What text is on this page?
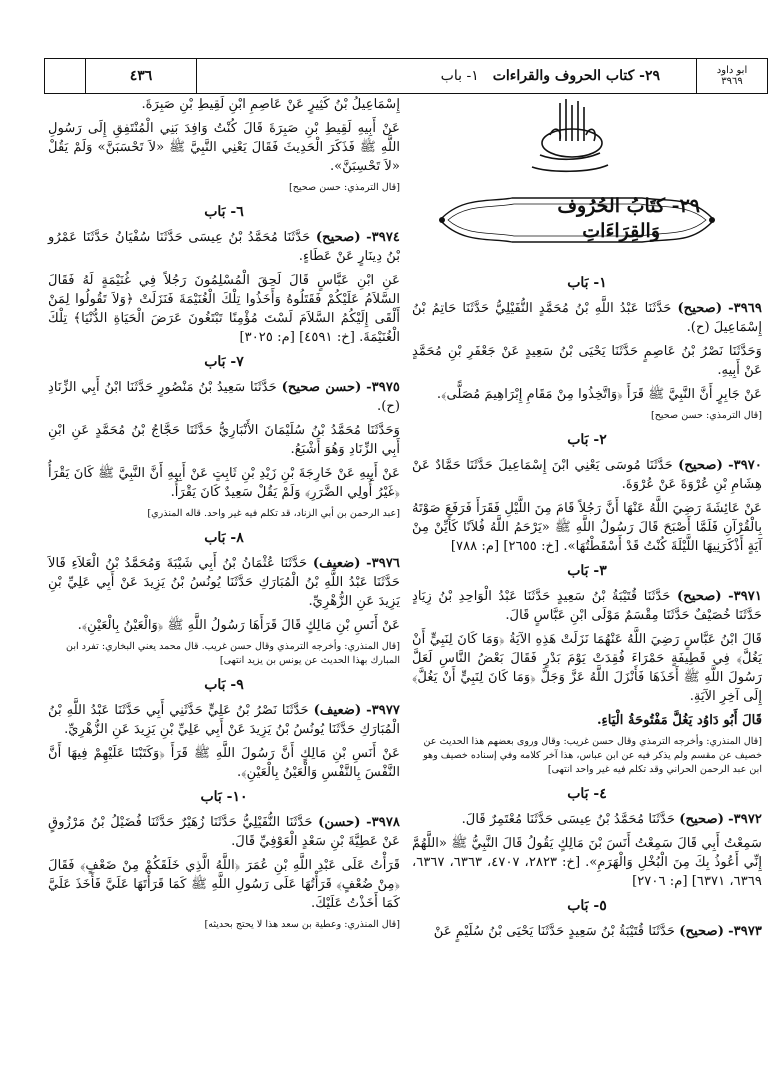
ابو داود
٣٩٦٩
٢٩- كتاب الحروف والقراءات
١- باب
٤٣٦
٢٩- كتَابُ الحُرُوف
وَالقِرَاءَاتِ

إِسْمَاعِيلُ بْنُ كَثِيرٍ عَنْ عَاصِمِ ابْنِ لَقِيطِ بْنِ صَبِرَةَ.

عَنْ أَبِيهِ لَقِيطِ بْنِ صَبِرَةَ قَالَ كُنْتُ وَافِدَ بَنِي الْمُنْتَفِقِ إِلَى رَسُولِ اللَّهِ ﷺ فَذَكَرَ الْحَدِيثَ فَقَالَ يَعْنِي النَّبِيَّ ﷺ «لاَ تَحْسَبَنَّ» وَلَمْ يَقُلْ «لاَ تَحْسِبَنَّ».

[قال الترمذي: حسن صحيح]
٦- بَاب

٣٩٧٤- (صحيح) حَدَّثَنَا مُحَمَّدُ بْنُ عِيسَى حَدَّثَنَا سُفْيَانُ حَدَّثَنَا عَمْرُو بْنُ دِينَارٍ عَنْ عَطَاءٍ.

عَنِ ابْنِ عَبَّاسٍ قَالَ لَحِقَ الْمُسْلِمُونَ رَجُلاً فِي غُنَيْمَةٍ لَهُ فَقَالَ السَّلاَمُ عَلَيْكُمْ فَقَتَلُوهُ وَأَخَذُوا تِلْكَ الْغُنَيْمَةَ فَنَزَلَتْ ﴿وَلاَ تَقُولُوا لِمَنْ أَلْقَى إِلَيْكُمُ السَّلاَمَ لَسْتَ مُؤْمِنًا تَبْتَغُونَ عَرَضَ الْحَيَاةِ الدُّنْيَا﴾ تِلْكَ الْغُنَيْمَةَ. [خ: ٤٥٩١] [م: ٣٠٢٥]

٧- بَاب

٣٩٧٥- (حسن صحيح) حَدَّثَنَا سَعِيدُ بْنُ مَنْصُورٍ حَدَّثَنَا ابْنُ أَبِي الزِّنَادِ (ح).

وَحَدَّثَنَا مُحَمَّدُ بْنُ سُلَيْمَانَ الأَنْبَارِيُّ حَدَّثَنَا حَجَّاجُ بْنُ مُحَمَّدٍ عَنِ ابْنِ أَبِي الزِّنَادِ وَهُوَ أَشْبَعُ.

عَنْ أَبِيهِ عَنْ خَارِجَةَ بْنِ زَيْدِ بْنِ ثَابِتٍ عَنْ أَبِيهِ أَنَّ النَّبِيَّ ﷺ كَانَ يَقْرَأُ ﴿غَيْرُ أُولِي الضَّرَرِ﴾ وَلَمْ يَقُلْ سَعِيدٌ كَانَ يَقْرَأُ.

[عبد الرحمن بن أبي الزناد، قد تكلم فيه غير واحد. قاله المنذري]
٨- بَاب

٣٩٧٦- (ضعيف) حَدَّثَنَا عُثْمَانُ بْنُ أَبِي شَيْبَةَ وَمُحَمَّدُ بْنُ الْعَلاَءِ قَالاَ حَدَّثَنَا عَبْدُ اللَّهِ بْنُ الْمُبَارَكِ حَدَّثَنَا يُونُسُ بْنُ يَزِيدَ عَنْ أَبِي عَلِيِّ بْنِ يَزِيدَ عَنِ الزُّهْرِيِّ.

عَنْ أَنَسِ بْنِ مَالِكٍ قَالَ قَرَأَهَا رَسُولُ اللَّهِ ﷺ ﴿وَالْعَيْنُ بِالْعَيْنِ﴾.

[قال المنذري: وأخرجه الترمذي وقال حسن غريب. قال محمد يعني البخاري: تفرد ابن المبارك بهذا الحديث عن يونس بن يزيد انتهى]
٩- بَاب

٣٩٧٧- (ضعيف) حَدَّثَنَا نَصْرُ بْنُ عَلِيٍّ حَدَّثَنِي أَبِي حَدَّثَنَا عَبْدُ اللَّهِ بْنُ الْمُبَارَكِ حَدَّثَنَا يُونُسُ بْنُ يَزِيدَ عَنْ أَبِي عَلِيِّ بْنِ يَزِيدَ عَنِ الزُّهْرِيِّ.

عَنْ أَنَسِ بْنِ مَالِكٍ أَنَّ رَسُولَ اللَّهِ ﷺ قَرَأَ ﴿وَكَتَبْنَا عَلَيْهِمْ فِيهَا أَنَّ النَّفْسَ بِالنَّفْسِ وَالْعَيْنُ بِالْعَيْنِ﴾.

١٠- بَاب

٣٩٧٨- (حسن) حَدَّثَنَا النُّفَيْلِيُّ حَدَّثَنَا زُهَيْرٌ حَدَّثَنَا فُضَيْلُ بْنُ مَرْزُوقٍ عَنْ عَطِيَّةَ بْنِ سَعْدٍ الْعَوْفِيِّ قَالَ.

قَرَأْتُ عَلَى عَبْدِ اللَّهِ بْنِ عُمَرَ ﴿اللَّهُ الَّذِي خَلَقَكُمْ مِنْ ضَعْفٍ﴾ فَقَالَ ﴿مِنْ ضُعْفٍ﴾ قَرَأْتُهَا عَلَى رَسُولِ اللَّهِ ﷺ كَمَا قَرَأْتَهَا عَلَيَّ فَأَخَذَ عَلَيَّ كَمَا أَخَذْتُ عَلَيْكَ.

[قال المنذري: وعطية بن سعد هذا لا يحتج بحديثه]
١- بَاب

٣٩٦٩- (صحيح) حَدَّثَنَا عَبْدُ اللَّهِ بْنُ مُحَمَّدٍ النُّفَيْلِيُّ حَدَّثَنَا حَاتِمُ بْنُ إِسْمَاعِيلَ (ح).

وَحَدَّثَنَا نَصْرُ بْنُ عَاصِمٍ حَدَّثَنَا يَحْيَى بْنُ سَعِيدٍ عَنْ جَعْفَرِ بْنِ مُحَمَّدٍ عَنْ أَبِيهِ.

عَنْ جَابِرٍ أَنَّ النَّبِيَّ ﷺ قَرَأَ ﴿وَاتَّخِذُوا مِنْ مَقَامِ إِبْرَاهِيمَ مُصَلًّى﴾.

[قال الترمذي: حسن صحيح]
٢- بَاب

٣٩٧٠- (صحيح) حَدَّثَنَا مُوسَى يَعْنِي ابْنَ إِسْمَاعِيلَ حَدَّثَنَا حَمَّادٌ عَنْ هِشَامِ بْنِ عُرْوَةَ عَنْ عُرْوَةَ.

عَنْ عَائِشَةَ رَضِيَ اللَّهُ عَنْهَا أَنَّ رَجُلاً قَامَ مِنَ اللَّيْلِ فَقَرَأَ فَرَفَعَ صَوْتَهُ بِالْقُرْآنِ فَلَمَّا أَصْبَحَ قَالَ رَسُولُ اللَّهِ ﷺ «يَرْحَمُ اللَّهُ فُلاَنًا كَأَيِّنْ مِنْ آيَةٍ أَذْكَرَنِيهَا اللَّيْلَةَ كُنْتُ قَدْ أَسْقَطْتُهَا». [خ: ٢٦٥٥] [م: ٧٨٨]

٣- بَاب

٣٩٧١- (صحيح) حَدَّثَنَا قُتَيْبَةُ بْنُ سَعِيدٍ حَدَّثَنَا عَبْدُ الْوَاحِدِ بْنُ زِيَادٍ حَدَّثَنَا خُصَيْفٌ حَدَّثَنَا مِقْسَمٌ مَوْلَى ابْنِ عَبَّاسٍ قَالَ.

قَالَ ابْنُ عَبَّاسٍ رَضِيَ اللَّهُ عَنْهُمَا نَزَلَتْ هَذِهِ الآيَةُ ﴿وَمَا كَانَ لِنَبِيٍّ أَنْ يَغُلَّ﴾ فِي قَطِيفَةٍ حَمْرَاءَ فُقِدَتْ يَوْمَ بَدْرٍ فَقَالَ بَعْضُ النَّاسِ لَعَلَّ رَسُولَ اللَّهِ ﷺ أَخَذَهَا فَأَنْزَلَ اللَّهُ عَزَّ وَجَلَّ ﴿وَمَا كَانَ لِنَبِيٍّ أَنْ يَغُلَّ﴾ إِلَى آخِرِ الآيَةِ.

قَالَ أَبُو دَاوُد يَغُلَّ مَفْتُوحَةُ الْيَاءِ.

[قال المنذري: وأخرجه الترمذي وقال حسن غريب: وقال وروى بعضهم هذا الحديث عن خصيف عن مقسم ولم يذكر فيه عن ابن عباس، هذا آخر كلامه وفي إسناده خصيف وهو ابن عبد الرحمن الحراني وقد تكلم فيه غير واحد انتهى]
٤- بَاب

٣٩٧٢- (صحيح) حَدَّثَنَا مُحَمَّدُ بْنُ عِيسَى حَدَّثَنَا مُعْتَمِرٌ قَالَ.

سَمِعْتُ أَبِي قَالَ سَمِعْتُ أَنَسَ بْنَ مَالِكٍ يَقُولُ قَالَ النَّبِيُّ ﷺ «اللَّهُمَّ إِنِّي أَعُوذُ بِكَ مِنَ الْبُخْلِ وَالْهَرَمِ». [خ: ٢٨٢٣، ٤٧٠٧، ٦٣٦٣، ٦٣٦٧، ٦٣٦٩، ٦٣٧١] [م: ٢٧٠٦]

٥- بَاب

٣٩٧٣- (صحيح) حَدَّثَنَا قُتَيْبَةُ بْنُ سَعِيدٍ حَدَّثَنَا يَحْيَى بْنُ سُلَيْمٍ عَنْ
